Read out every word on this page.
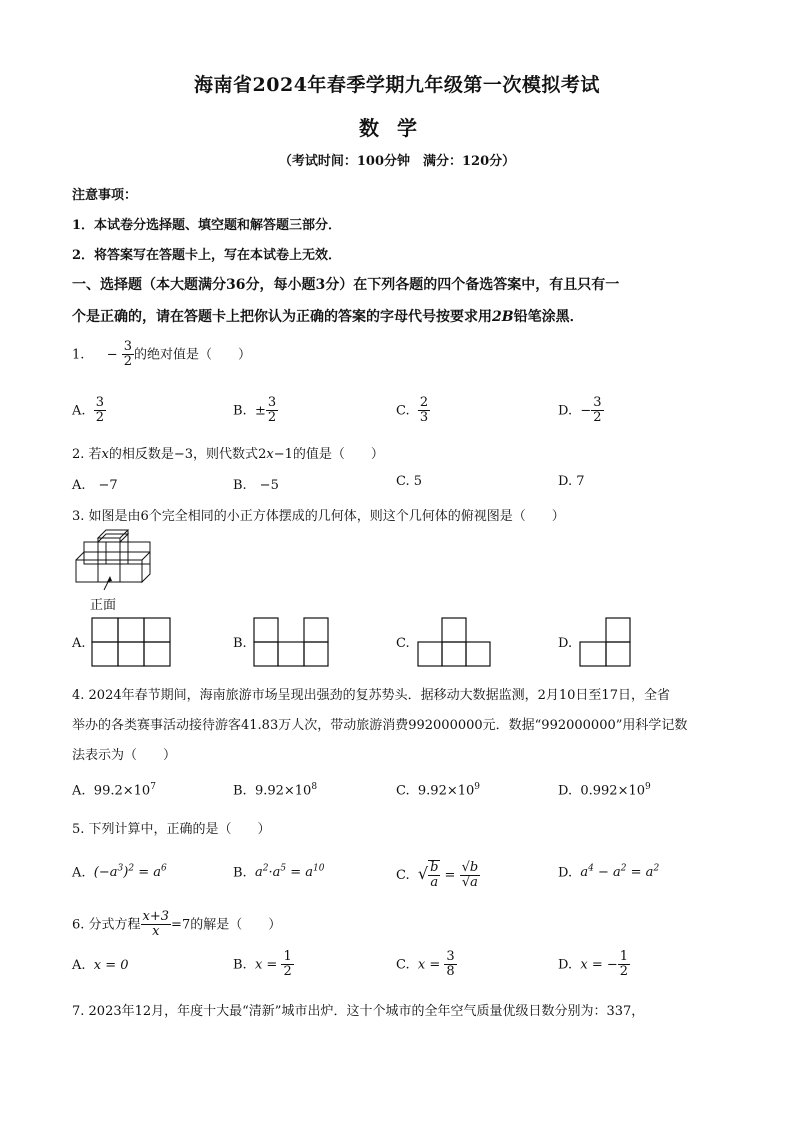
海南省2024年春季学期九年级第一次模拟考试
数学
（考试时间：100分钟　满分：120分）
注意事项：
1．本试卷分选择题、填空题和解答题三部分．
2．将答案写在答题卡上，写在本试卷上无效．
一、选择题（本大题满分36分，每小题3分）在下列各题的四个备选答案中，有且只有一
个是正确的，请在答题卡上把你认为正确的答案的字母代号按要求用2B铅笔涂黑．
1. − $\frac{3}{2}$ 的绝对值是（　　）
A. $\frac{3}{2}$	B. ± $\frac{3}{2}$	C. $\frac{2}{3}$	D. − $\frac{3}{2}$
2. 若x的相反数是−3，则代数式2x−1的值是（　　）
A.　−7	B.　−5	C. 5	D. 7
3. 如图是由6个完全相同的小正方体摆成的几何体，则这个几何体的俯视图是（　　）
正面
A.	B.	C.	D.
4. 2024年春节期间，海南旅游市场呈现出强劲的复苏势头．据移动大数据监测，2月10日至17日，全省
举办的各类赛事活动接待游客41.83万人次，带动旅游消费992000000元．数据“992000000”用科学记数
法表示为（　　）
A. $99.2\times 10^7$	B. $9.92\times 10^8$	C. $9.92\times 10^9$	D. $0.992\times 10^9$
5. 下列计算中，正确的是（　　）
A. $(-a^3)^2 = a^6$	B. $a^2\cdot a^5 = a^{10}$	C. √ $\frac{b}{a} = \frac{√b}{√a}$	D. $a^4 - a^2 = a^2$
6. 分式方程 $\frac{x+3}{x} =7$的解是（　　）
A. x = 0	B. $x = \frac{1}{2}$	C. $x = \frac{3}{8}$	D. x = − $\frac{1}{2}$
7. 2023年12月，年度十大最“清新”城市出炉．这十个城市的全年空气质量优级日数分别为：337，
